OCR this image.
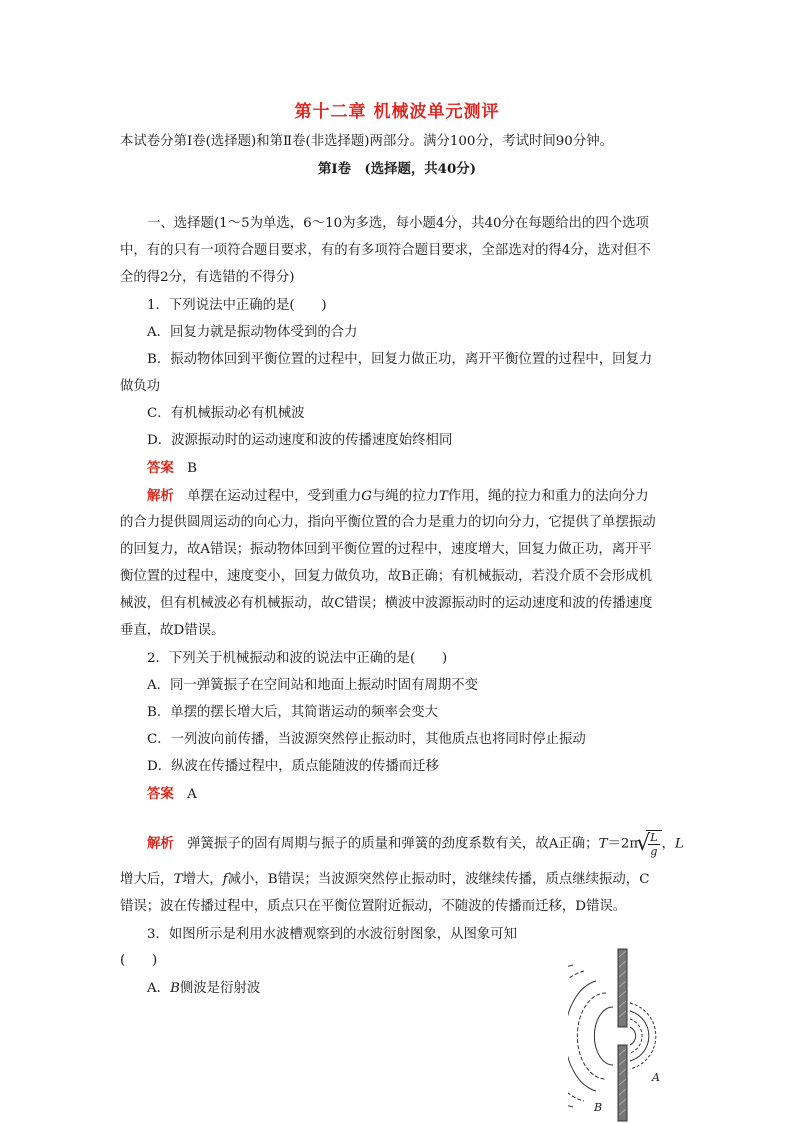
第十二章 机械波单元测评
本试卷分第Ⅰ卷(选择题)和第Ⅱ卷(非选择题)两部分。满分100分，考试时间90分钟。
第Ⅰ卷　(选择题，共40分)
一、选择题(1～5为单选，6～10为多选，每小题4分，共40分在每题给出的四个选项
中，有的只有一项符合题目要求，有的有多项符合题目要求，全部选对的得4分，选对但不
全的得2分，有选错的不得分)
1．下列说法中正确的是(　　)
A．回复力就是振动物体受到的合力
B．振动物体回到平衡位置的过程中，回复力做正功，离开平衡位置的过程中，回复力
做负功
C．有机械振动必有机械波
D．波源振动时的运动速度和波的传播速度始终相同
答案　 B
解析　 单摆在运动过程中，受到重力G与绳的拉力T作用，绳的拉力和重力的法向分力
的合力提供圆周运动的向心力，指向平衡位置的合力是重力的切向分力，它提供了单摆振动
的回复力，故A错误；振动物体回到平衡位置的过程中，速度增大，回复力做正功，离开平
衡位置的过程中，速度变小，回复力做负功，故B正确；有机械振动，若没介质不会形成机
械波，但有机械波必有机械振动，故C错误；横波中波源振动时的运动速度和波的传播速度
垂直，故D错误。
2．下列关于机械振动和波的说法中正确的是(　　)
A．同一弹簧振子在空间站和地面上振动时固有周期不变
B．单摆的摆长增大后，其简谐运动的频率会变大
C．一列波向前传播，当波源突然停止振动时，其他质点也将同时停止振动
D．纵波在传播过程中，质点能随波的传播而迁移
答案　 A
解析　 弹簧振子的固有周期与振子的质量和弹簧的劲度系数有关，故A正确；T＝2π
√ $\frac{L}{g}$ ，L
增大后，T增大，f减小，B错误；当波源突然停止振动时，波继续传播，质点继续振动，C
错误；波在传播过程中，质点只在平衡位置附近振动，不随波的传播而迁移，D错误。
3．如图所示是利用水波槽观察到的水波衍射图象，从图象可知
(　　)
A．B侧波是衍射波
A
B
